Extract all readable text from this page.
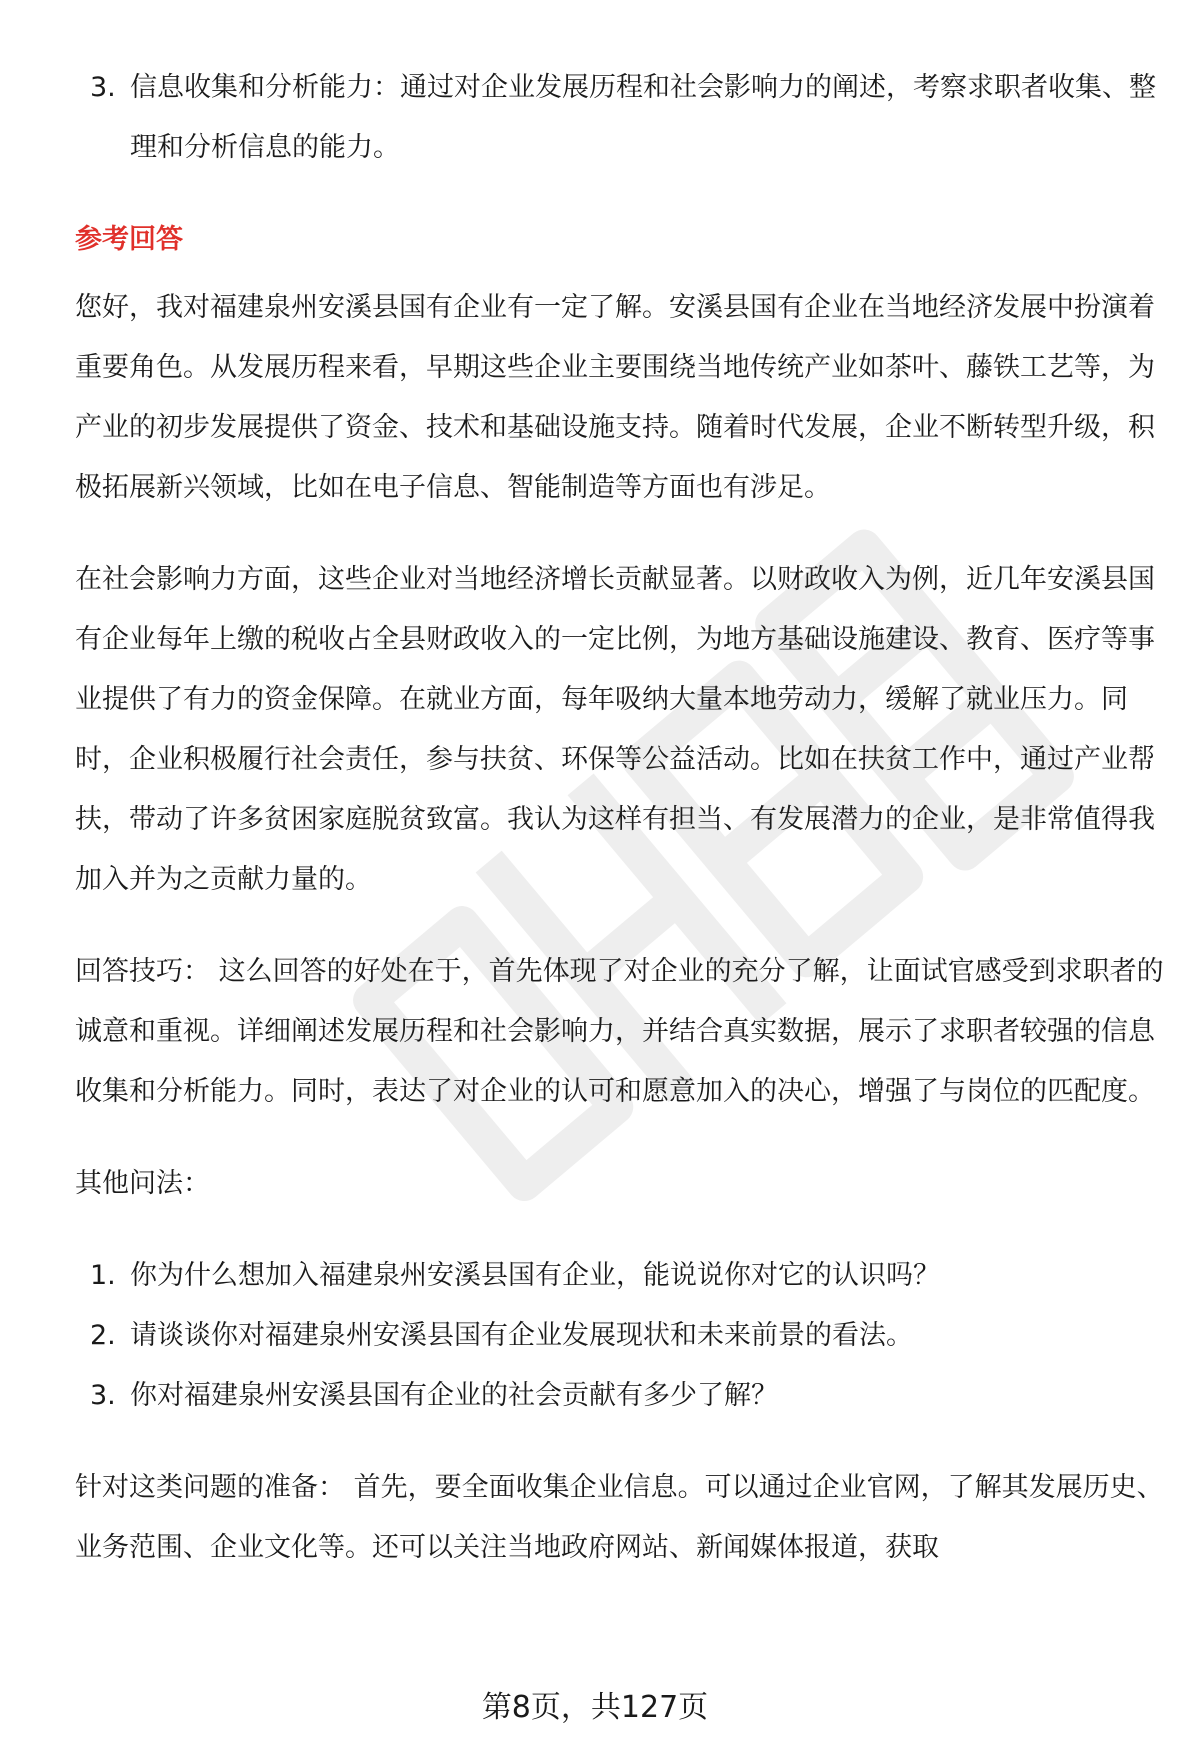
3. 信息收集和分析能力：通过对企业发展历程和社会影响力的阐述，考察求职者收集、整理和分析信息的能力。
参考回答

您好，我对福建泉州安溪县国有企业有一定了解。安溪县国有企业在当地经济发展中扮演着重要角色。从发展历程来看，早期这些企业主要围绕当地传统产业如茶叶、藤铁工艺等，为产业的初步发展提供了资金、技术和基础设施支持。随着时代发展，企业不断转型升级，积极拓展新兴领域，比如在电子信息、智能制造等方面也有涉足。

在社会影响力方面，这些企业对当地经济增长贡献显著。以财政收入为例，近几年安溪县国有企业每年上缴的税收占全县财政收入的一定比例，为地方基础设施建设、教育、医疗等事业提供了有力的资金保障。在就业方面，每年吸纳大量本地劳动力，缓解了就业压力。同时，企业积极履行社会责任，参与扶贫、环保等公益活动。比如在扶贫工作中，通过产业帮扶，带动了许多贫困家庭脱贫致富。我认为这样有担当、有发展潜力的企业，是非常值得我加入并为之贡献力量的。

回答技巧： 这么回答的好处在于，首先体现了对企业的充分了解，让面试官感受到求职者的诚意和重视。详细阐述发展历程和社会影响力，并结合真实数据，展示了求职者较强的信息收集和分析能力。同时，表达了对企业的认可和愿意加入的决心，增强了与岗位的匹配度。

其他问法：

1. 你为什么想加入福建泉州安溪县国有企业，能说说你对它的认识吗？
2. 请谈谈你对福建泉州安溪县国有企业发展现状和未来前景的看法。
3. 你对福建泉州安溪县国有企业的社会贡献有多少了解？

针对这类问题的准备： 首先，要全面收集企业信息。可以通过企业官网，了解其发展历史、业务范围、企业文化等。还可以关注当地政府网站、新闻媒体报道，获取

第8页，共127页
